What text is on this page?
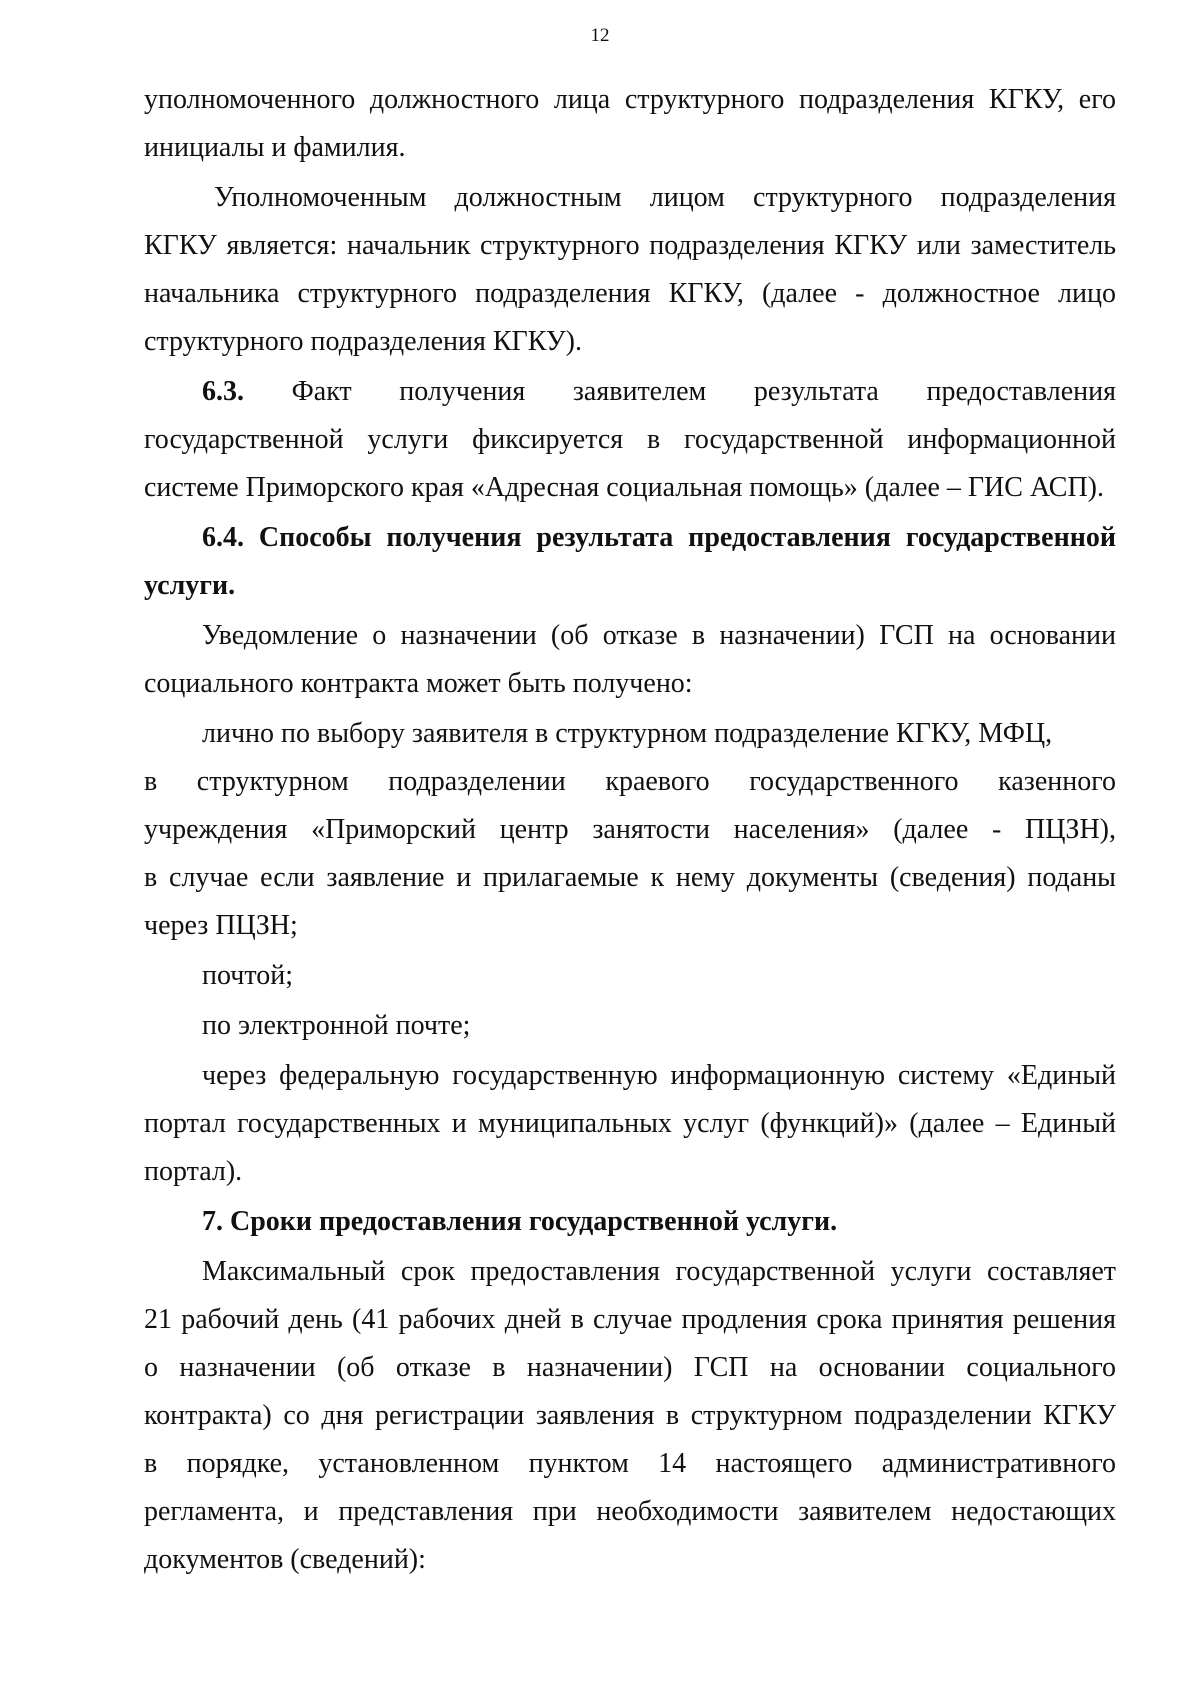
12

уполномоченного должностного лица структурного подразделения КГКУ, его

инициалы и фамилия.

Уполномоченным должностным лицом структурного подразделения

КГКУ является: начальник структурного подразделения КГКУ или заместитель

начальника структурного подразделения КГКУ, (далее - должностное лицо

структурного подразделения КГКУ).

6.3. Факт получения заявителем результата предоставления

государственной услуги фиксируется в государственной информационной

системе Приморского края «Адресная социальная помощь» (далее – ГИС АСП).

6.4. Способы получения результата предоставления государственной

услуги.

Уведомление о назначении (об отказе в назначении) ГСП на основании

социального контракта может быть получено:

лично по выбору заявителя в структурном подразделение КГКУ, МФЦ,

в структурном подразделении краевого государственного казенного

учреждения «Приморский центр занятости населения» (далее - ПЦЗН),

в случае если заявление и прилагаемые к нему документы (сведения) поданы

через ПЦЗН;

почтой;

по электронной почте;

через федеральную государственную информационную систему «Единый

портал государственных и муниципальных услуг (функций)» (далее – Единый

портал).

7. Сроки предоставления государственной услуги.

Максимальный срок предоставления государственной услуги составляет

21 рабочий день (41 рабочих дней в случае продления срока принятия решения

о назначении (об отказе в назначении) ГСП на основании социального

контракта) со дня регистрации заявления в структурном подразделении КГКУ

в порядке, установленном пунктом 14 настоящего административного

регламента, и представления при необходимости заявителем недостающих

документов (сведений):
